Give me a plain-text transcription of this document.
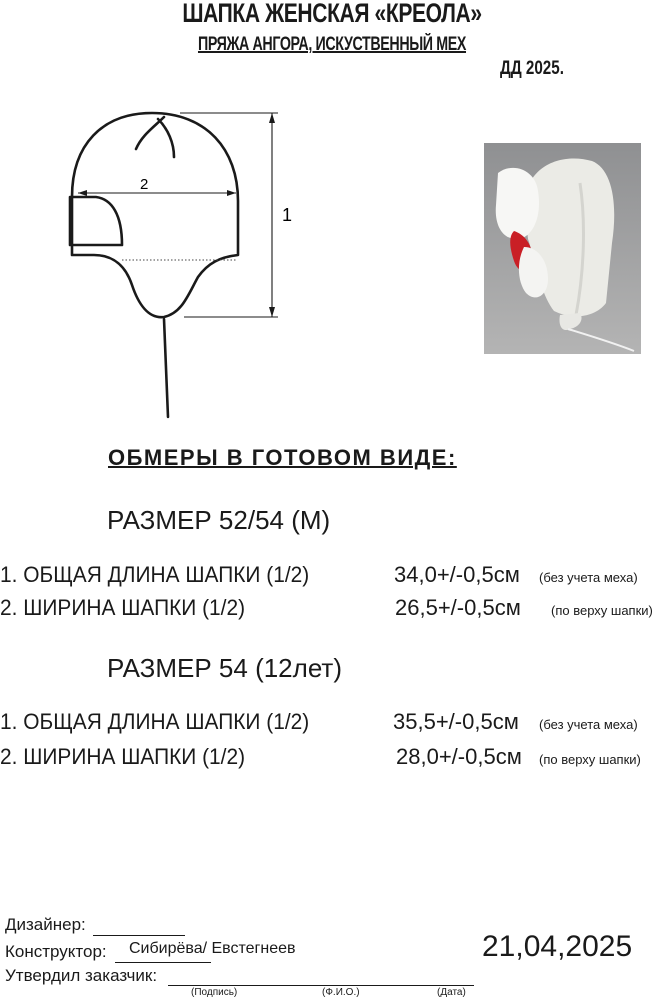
ШАПКА ЖЕНСКАЯ «КРЕОЛА»
ПРЯЖА АНГОРА, ИСКУСТВЕННЫЙ МЕХ
ДД 2025.
2
1
ОБМЕРЫ В ГОТОВОМ ВИДЕ:
РАЗМЕР 52/54 (М)
1. ОБЩАЯ ДЛИНА ШАПКИ (1/2)	34,0+/-0,5см (без учета меха)
2. ШИРИНА ШАПКИ (1/2)	26,5+/-0,5см (по верху шапки)
РАЗМЕР 54 (12лет)
1. ОБЩАЯ ДЛИНА ШАПКИ (1/2)	35,5+/-0,5см (без учета меха)
2. ШИРИНА ШАПКИ (1/2)	28,0+/-0,5см (по верху шапки)
Дизайнер:
Конструктор: Сибирёва/ Евстегнеев
Утвердил заказчик:
(Подпись)	(Ф.И.О.)	(Дата)
21,04,2025
